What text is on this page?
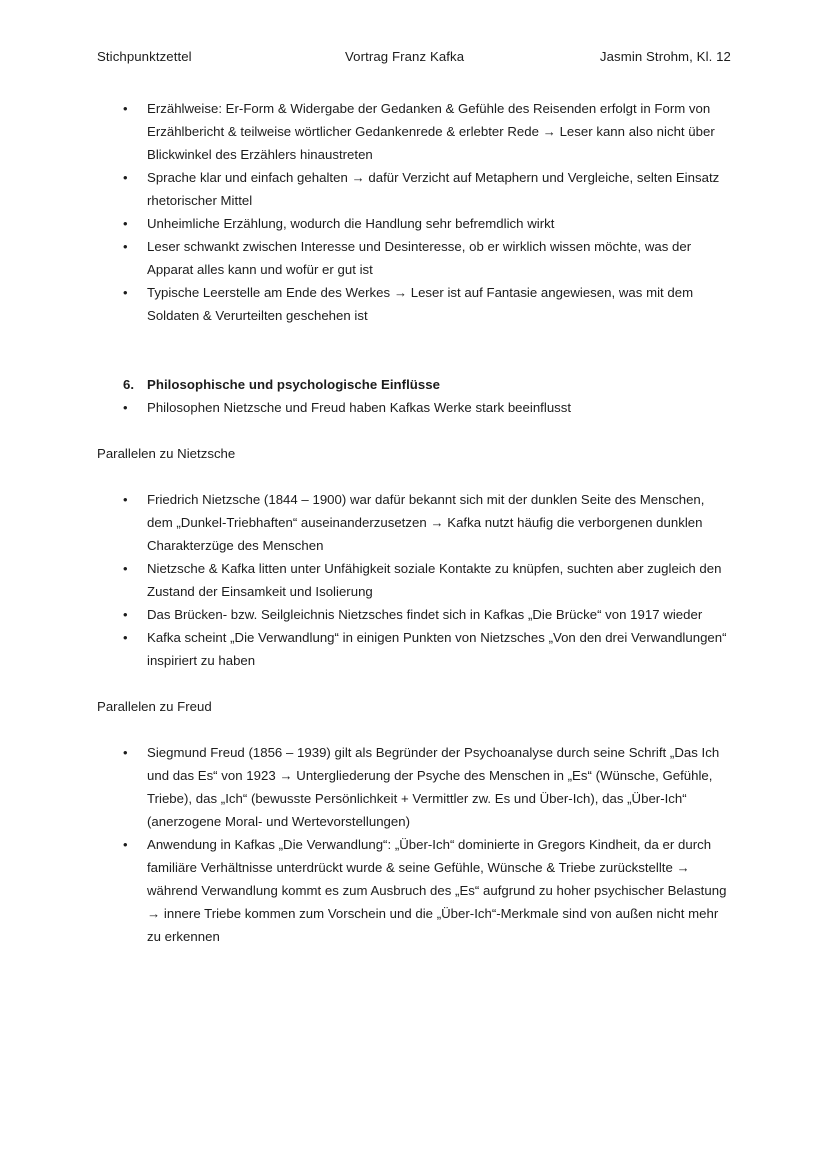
Stichpunktzettel	Vortrag Franz Kafka	Jasmin Strohm, Kl. 12
• Erzählweise: Er-Form & Widergabe der Gedanken & Gefühle des Reisenden erfolgt in Form von Erzählbericht & teilweise wörtlicher Gedankenrede & erlebter Rede → Leser kann also nicht über Blickwinkel des Erzählers hinaustreten
• Sprache klar und einfach gehalten → dafür Verzicht auf Metaphern und Vergleiche, selten Einsatz rhetorischer Mittel
• Unheimliche Erzählung, wodurch die Handlung sehr befremdlich wirkt
• Leser schwankt zwischen Interesse und Desinteresse, ob er wirklich wissen möchte, was der Apparat alles kann und wofür er gut ist
• Typische Leerstelle am Ende des Werkes → Leser ist auf Fantasie angewiesen, was mit dem Soldaten & Verurteilten geschehen ist
6. Philosophische und psychologische Einflüsse
• Philosophen Nietzsche und Freud haben Kafkas Werke stark beeinflusst
Parallelen zu Nietzsche
• Friedrich Nietzsche (1844 – 1900) war dafür bekannt sich mit der dunklen Seite des Menschen, dem „Dunkel-Triebhaften“ auseinanderzusetzen → Kafka nutzt häufig die verborgenen dunklen Charakterzüge des Menschen
• Nietzsche & Kafka litten unter Unfähigkeit soziale Kontakte zu knüpfen, suchten aber zugleich den Zustand der Einsamkeit und Isolierung
• Das Brücken- bzw. Seilgleichnis Nietzsches findet sich in Kafkas „Die Brücke“ von 1917 wieder
• Kafka scheint „Die Verwandlung“ in einigen Punkten von Nietzsches „Von den drei Verwandlungen“ inspiriert zu haben
Parallelen zu Freud
• Siegmund Freud (1856 – 1939) gilt als Begründer der Psychoanalyse durch seine Schrift „Das Ich und das Es“ von 1923 → Untergliederung der Psyche des Menschen in „Es“ (Wünsche, Gefühle, Triebe), das „Ich“ (bewusste Persönlichkeit + Vermittler zw. Es und Über-Ich), das „Über-Ich“ (anerzogene Moral- und Wertevorstellungen)
• Anwendung in Kafkas „Die Verwandlung“: „Über-Ich“ dominierte in Gregors Kindheit, da er durch familiäre Verhältnisse unterdrückt wurde & seine Gefühle, Wünsche & Triebe zurückstellte → während Verwandlung kommt es zum Ausbruch des „Es“ aufgrund zu hoher psychischer Belastung → innere Triebe kommen zum Vorschein und die „Über-Ich“-Merkmale sind von außen nicht mehr zu erkennen
